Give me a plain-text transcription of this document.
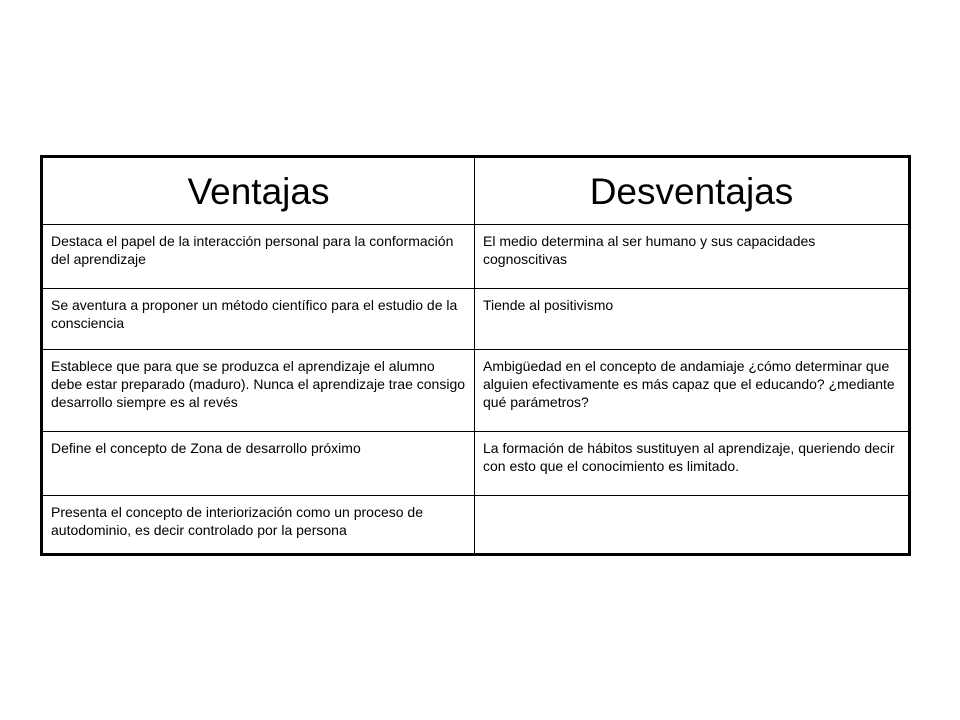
Ventajas	Desventajas
Destaca el papel de la interacción personal para la conformación del aprendizaje	El medio determina al ser humano y sus capacidades cognoscitivas
Se aventura a proponer un método científico para el estudio de la consciencia	Tiende al positivismo
Establece que para que se produzca el aprendizaje el alumno debe estar preparado (maduro). Nunca el aprendizaje trae consigo desarrollo siempre es al revés	Ambigüedad en el concepto de andamiaje ¿cómo determinar que alguien efectivamente es más capaz que el educando? ¿mediante qué parámetros?
Define el concepto de Zona de desarrollo próximo	La formación de hábitos sustituyen al aprendizaje, queriendo decir con esto que el conocimiento es limitado.
Presenta el concepto de interiorización como un proceso de autodominio, es decir controlado por la persona	
